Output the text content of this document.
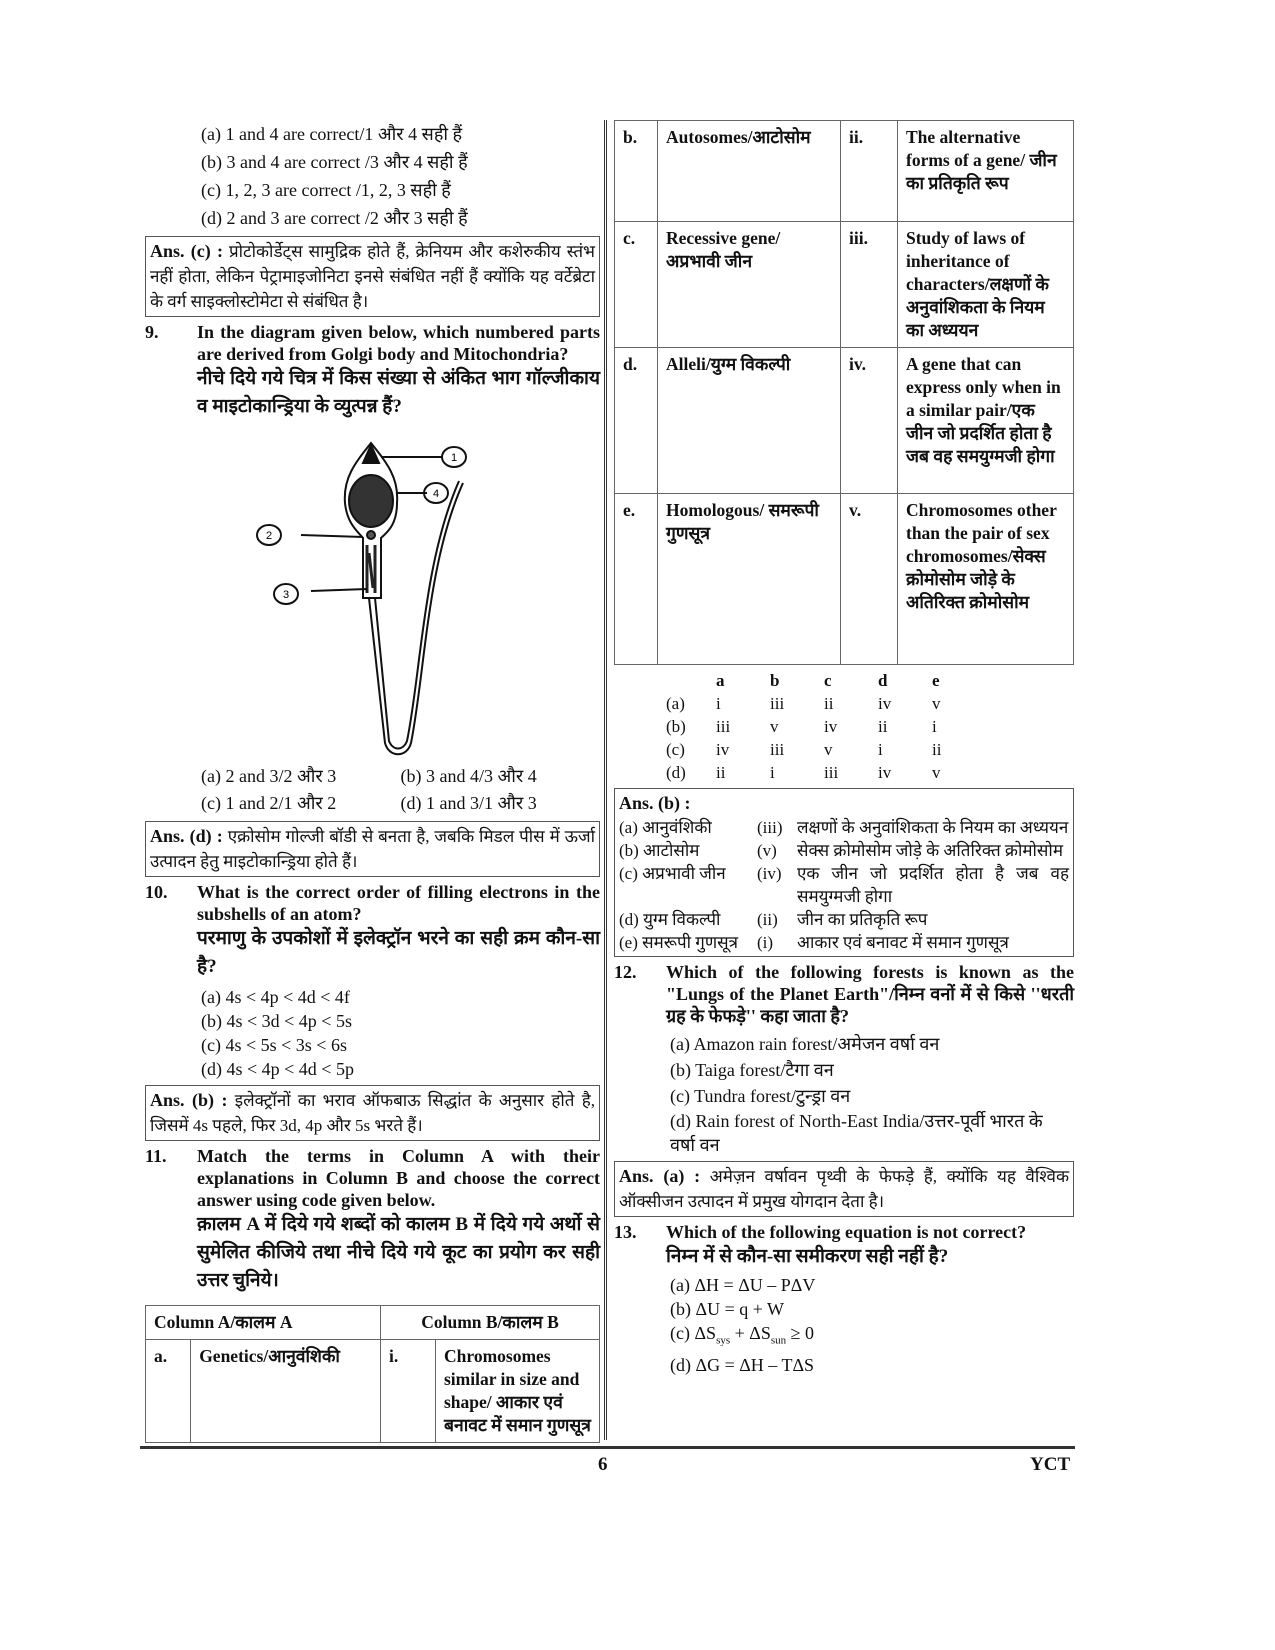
(a) 1 and 4 are correct/1 और 4 सही हैं
(b) 3 and 4 are correct /3 और 4 सही हैं
(c) 1, 2, 3 are correct /1, 2, 3 सही हैं
(d) 2 and 3 are correct /2 और 3 सही हैं
Ans. (c) : प्रोटोकोर्डेट्स सामुद्रिक होते हैं, क्रेनियम और कशेरुकीय स्तंभ नहीं होता, लेकिन पेट्रामाइजोनिटा इनसे संबंधित नहीं हैं क्योंकि यह वर्टेब्रेटा के वर्ग साइक्लोस्टोमेटा से संबंधित है।
9.	In the diagram given below, which numbered parts are derived from Golgi body and Mitochondria?
नीचे दिये गये चित्र में किस संख्या से अंकित भाग गॉल्जीकाय व माइटोकान्ड्रिया के व्युत्पन्न हैं?
1
2
3
4
(a) 2 and 3/2 और 3	(b) 3 and 4/3 और 4
(c) 1 and 2/1 और 2	(d) 1 and 3/1 और 3
Ans. (d) : एक्रोसोम गोल्जी बॉडी से बनता है, जबकि मिडल पीस में ऊर्जा उत्पादन हेतु माइटोकान्ड्रिया होते हैं।
10.	What is the correct order of filling electrons in the subshells of an atom?
परमाणु के उपकोशों में इलेक्ट्रॉन भरने का सही क्रम कौन-सा है?
(a) 4s < 4p < 4d < 4f
(b) 4s < 3d < 4p < 5s
(c) 4s < 5s < 3s < 6s
(d) 4s < 4p < 4d < 5p
Ans. (b) : इलेक्ट्रॉनों का भराव ऑफबाऊ सिद्धांत के अनुसार होते है, जिसमें 4s पहले, फिर 3d, 4p और 5s भरते हैं।
11.	Match the terms in Column A with their explanations in Column B and choose the correct answer using code given below.
क़ालम A में दिये गये शब्दों को कालम B में दिये गये अर्थो से सुमेलित कीजिये तथा नीचे दिये गये कूट का प्रयोग कर सही उत्तर चुनिये।
Column A/कालम A		Column B/कालम B	
a.	Genetics/आनुवंशिकी	i.	Chromosomes similar in size and shape/ आकार एवं बनावट में समान गुणसूत्र
b.	Autosomes/आटोसोम	ii.	The alternative forms of a gene/ जीन का प्रतिकृति रूप
c.	Recessive gene/ अप्रभावी जीन	iii.	Study of laws of inheritance of characters/लक्षणों के अनुवांशिकता के नियम का अध्ययन
d.	Alleli/युग्म विकल्पी	iv.	A gene that can express only when in a similar pair/एक जीन जो प्रदर्शित होता है जब वह समयुग्मजी होगा
e.	Homologous/ समरूपी गुणसूत्र	v.	Chromosomes other than the pair of sex chromosomes/सेक्स क्रोमोसोम जोड़े के अतिरिक्त क्रोमोसोम
	a	b	c	d	e
(a)	i	iii	ii	iv	v
(b)	iii	v	iv	ii	i
(c)	iv	iii	v	i	ii
(d)	ii	i	iii	iv	v
Ans. (b) :
(a) आनुवंशिकी	(iii) लक्षणों के अनुवांशिकता के नियम का अध्ययन
(b) आटोसोम	(v)	सेक्स क्रोमोसोम जोड़े के अतिरिक्त क्रोमोसोम
(c) अप्रभावी जीन	(iv) एक जीन जो प्रदर्शित होता है जब वह समयुग्मजी होगा
(d) युग्म विकल्पी	(ii)	जीन का प्रतिकृति रूप
(e) समरूपी गुणसूत्र	(i)	आकार एवं बनावट में समान गुणसूत्र
12.	Which of the following forests is known as the "Lungs of the Planet Earth"/निम्न वनों में से किसे ''धरती ग्रह के फेफड़े'' कहा जाता है?
(a) Amazon rain forest/अमेजन वर्षा वन
(b) Taiga forest/टैगा वन
(c) Tundra forest/टुन्ड्रा वन
(d) Rain forest of North-East India/उत्तर-पूर्वी भारत के वर्षा वन
Ans. (a) : अमेज़न वर्षावन पृथ्वी के फेफड़े हैं, क्योंकि यह वैश्विक ऑक्सीजन उत्पादन में प्रमुख योगदान देता है।
13.	Which of the following equation is not correct?
निम्न में से कौन-सा समीकरण सही नहीं है?
(a) ΔH = ΔU – PΔV
(b) ΔU = q + W
(c) $\Delta S_{sys} + \Delta S_{sun} \ge 0$
(d) ΔG = ΔH – TΔS
6	YCT
